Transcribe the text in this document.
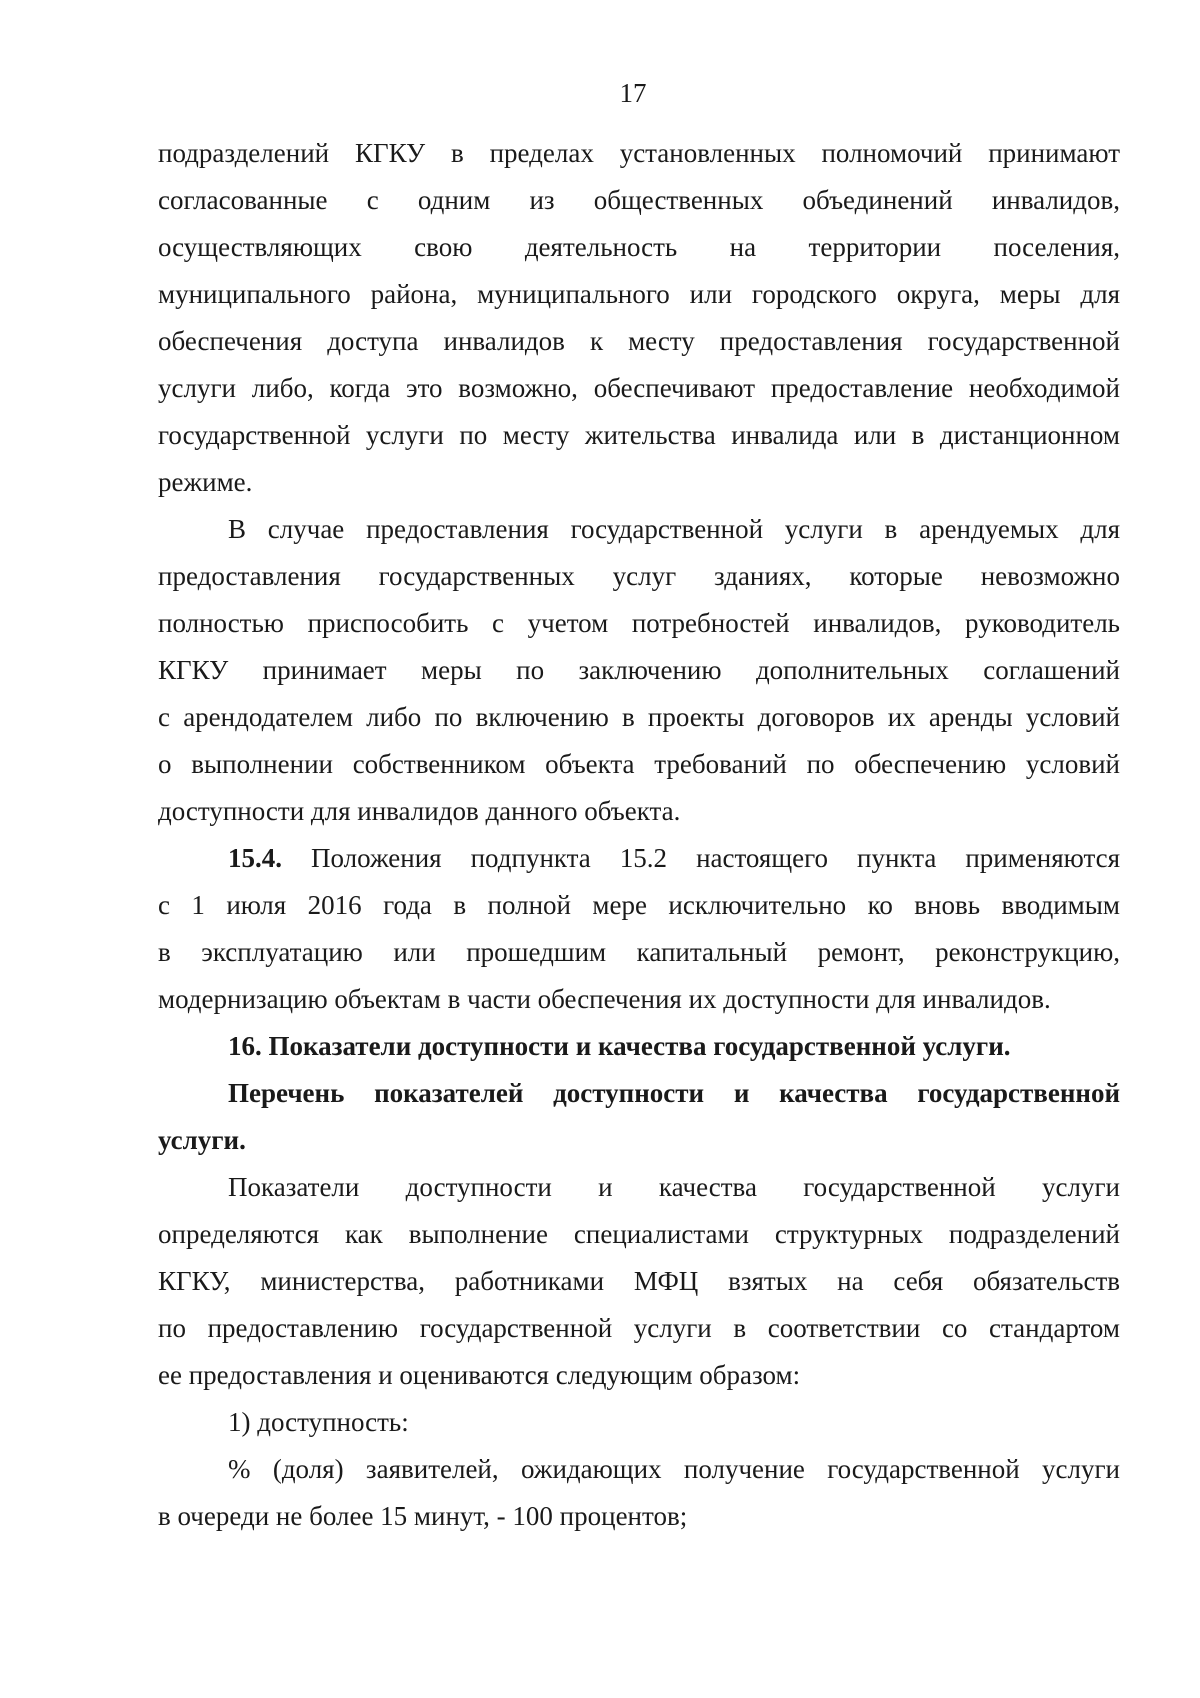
17
подразделений КГКУ в пределах установленных полномочий принимают
согласованные с одним из общественных объединений инвалидов,
осуществляющих свою деятельность на территории поселения,
муниципального района, муниципального или городского округа, меры для
обеспечения доступа инвалидов к месту предоставления государственной
услуги либо, когда это возможно, обеспечивают предоставление необходимой
государственной услуги по месту жительства инвалида или в дистанционном
режиме.
В случае предоставления государственной услуги в арендуемых для
предоставления государственных услуг зданиях, которые невозможно
полностью приспособить с учетом потребностей инвалидов, руководитель
КГКУ принимает меры по заключению дополнительных соглашений
с арендодателем либо по включению в проекты договоров их аренды условий
о выполнении собственником объекта требований по обеспечению условий
доступности для инвалидов данного объекта.
15.4. Положения подпункта 15.2 настоящего пункта применяются
с 1 июля 2016 года в полной мере исключительно ко вновь вводимым
в эксплуатацию или прошедшим капитальный ремонт, реконструкцию,
модернизацию объектам в части обеспечения их доступности для инвалидов.
16. Показатели доступности и качества государственной услуги.
Перечень показателей доступности и качества государственной
услуги.
Показатели доступности и качества государственной услуги
определяются как выполнение специалистами структурных подразделений
КГКУ, министерства, работниками МФЦ взятых на себя обязательств
по предоставлению государственной услуги в соответствии со стандартом
ее предоставления и оцениваются следующим образом:
1) доступность:
% (доля) заявителей, ожидающих получение государственной услуги
в очереди не более 15 минут, - 100 процентов;
